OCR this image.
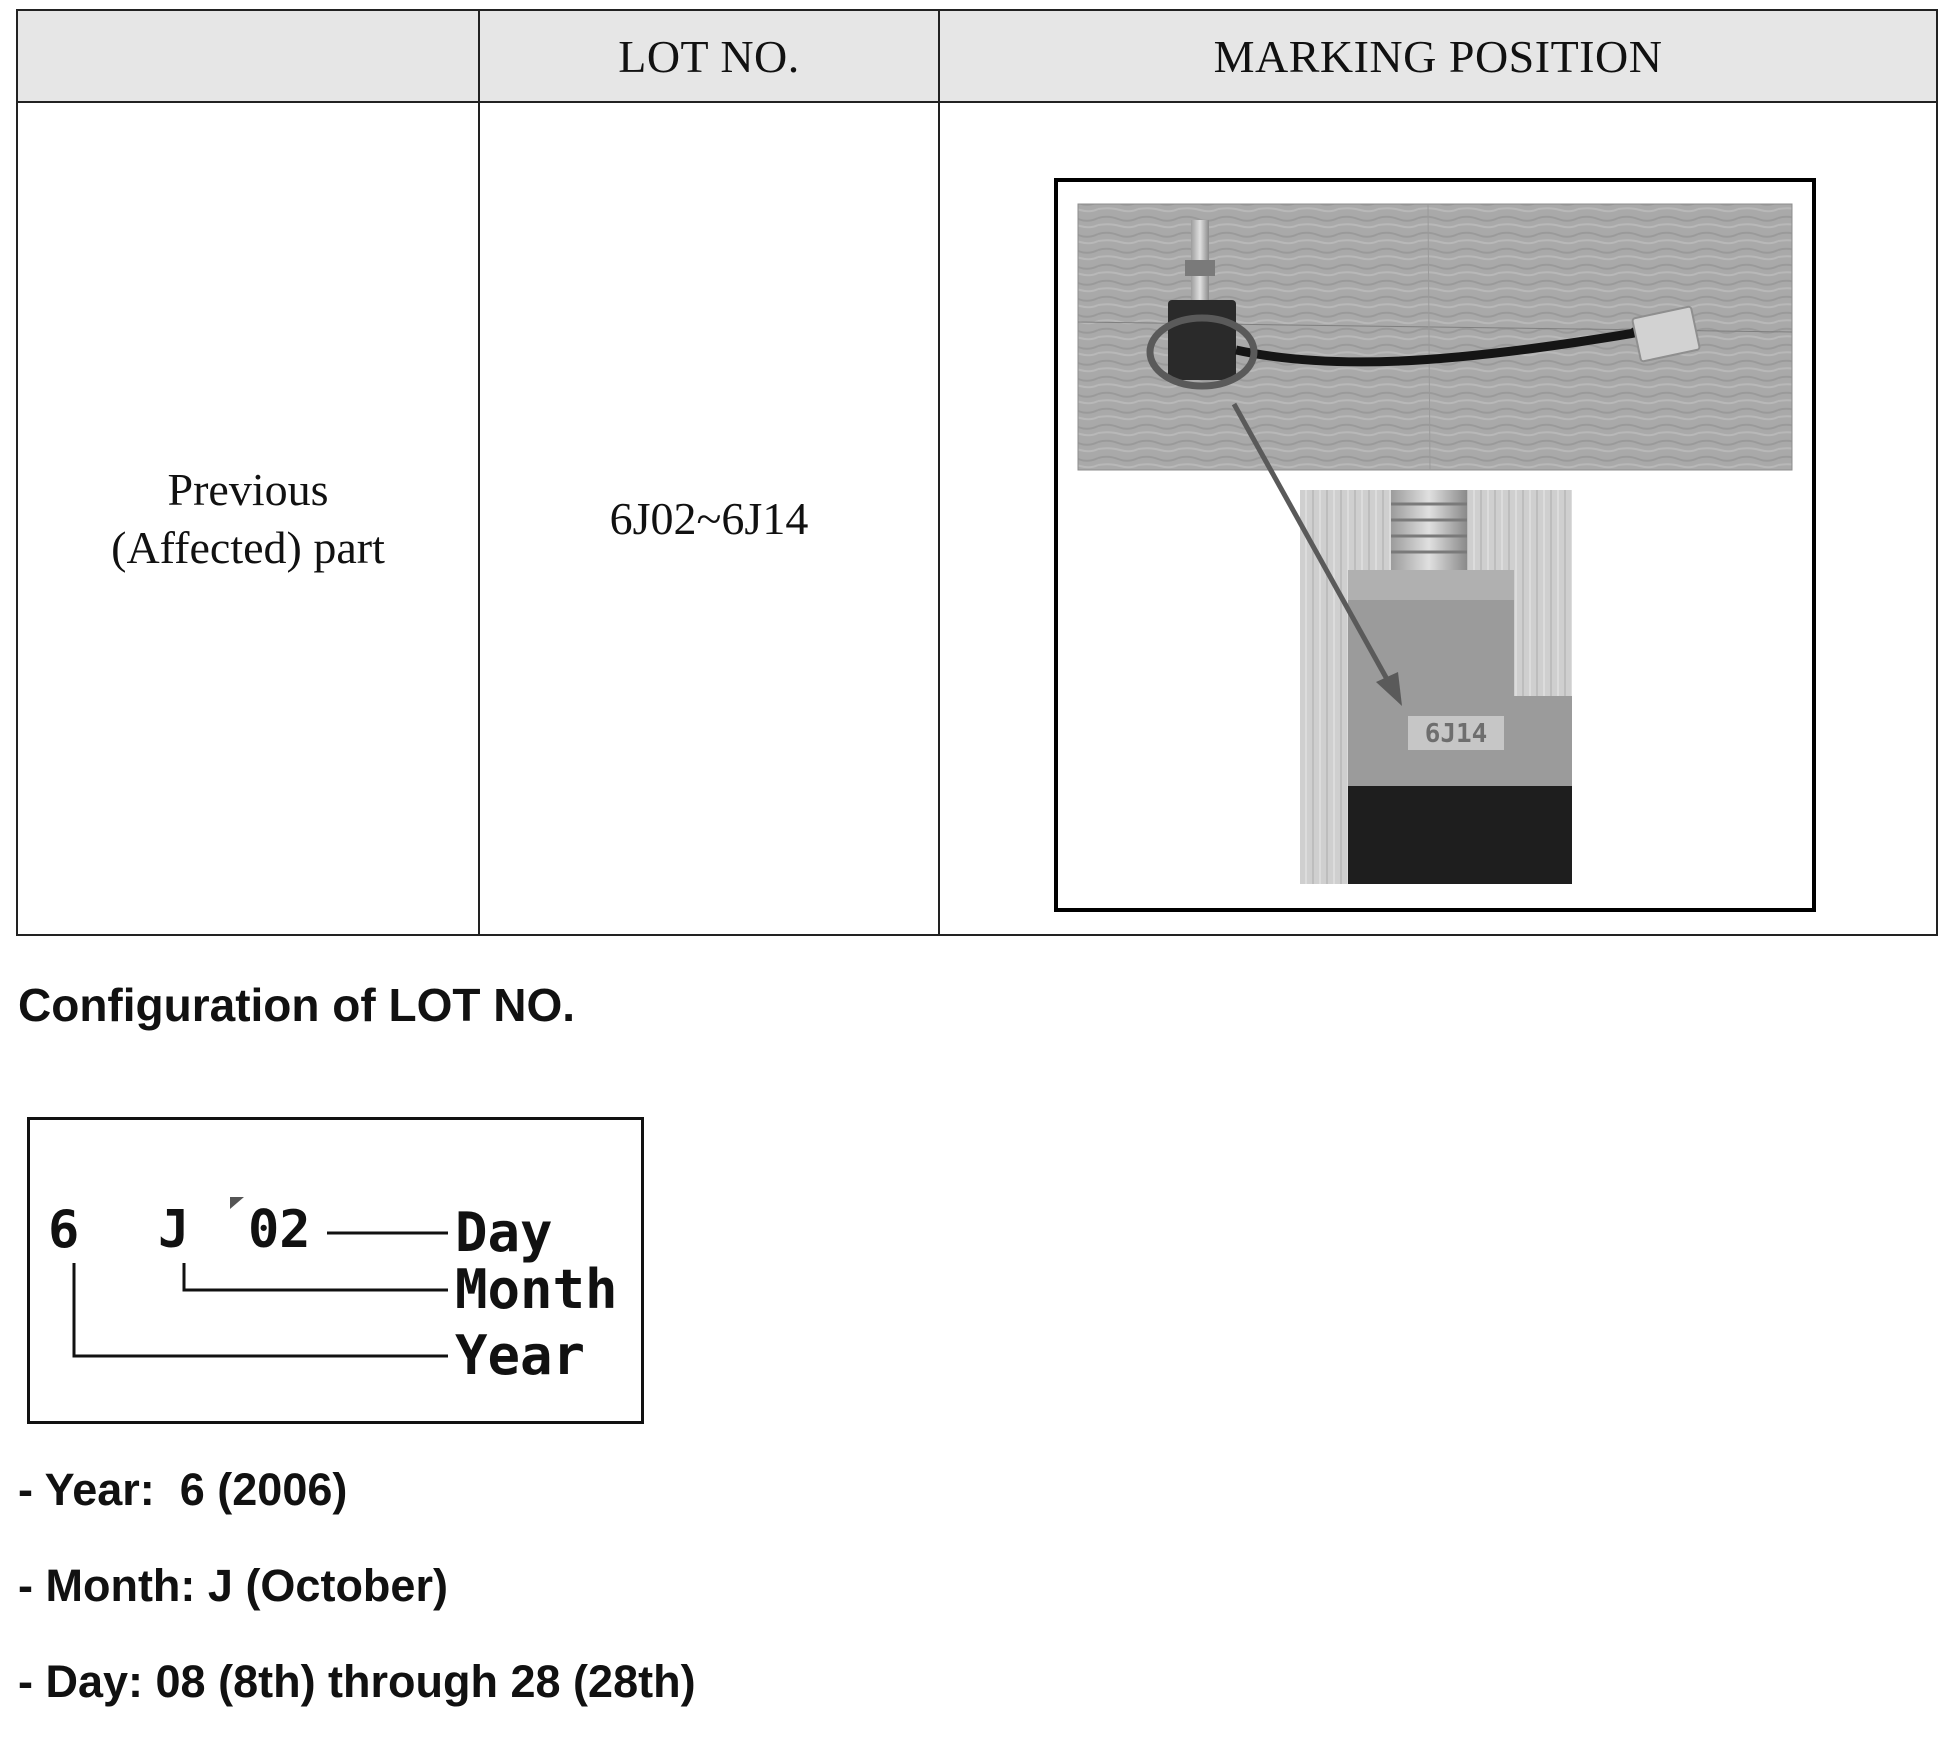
	LOT NO.	MARKING POSITION

Previous
(Affected) part	6J02~6J14	
6J14
Configuration of LOT NO.
6 J 02	Day
Month
Year
- Year:  6 (2006)
- Month: J (October)
- Day: 08 (8th) through 28 (28th)
